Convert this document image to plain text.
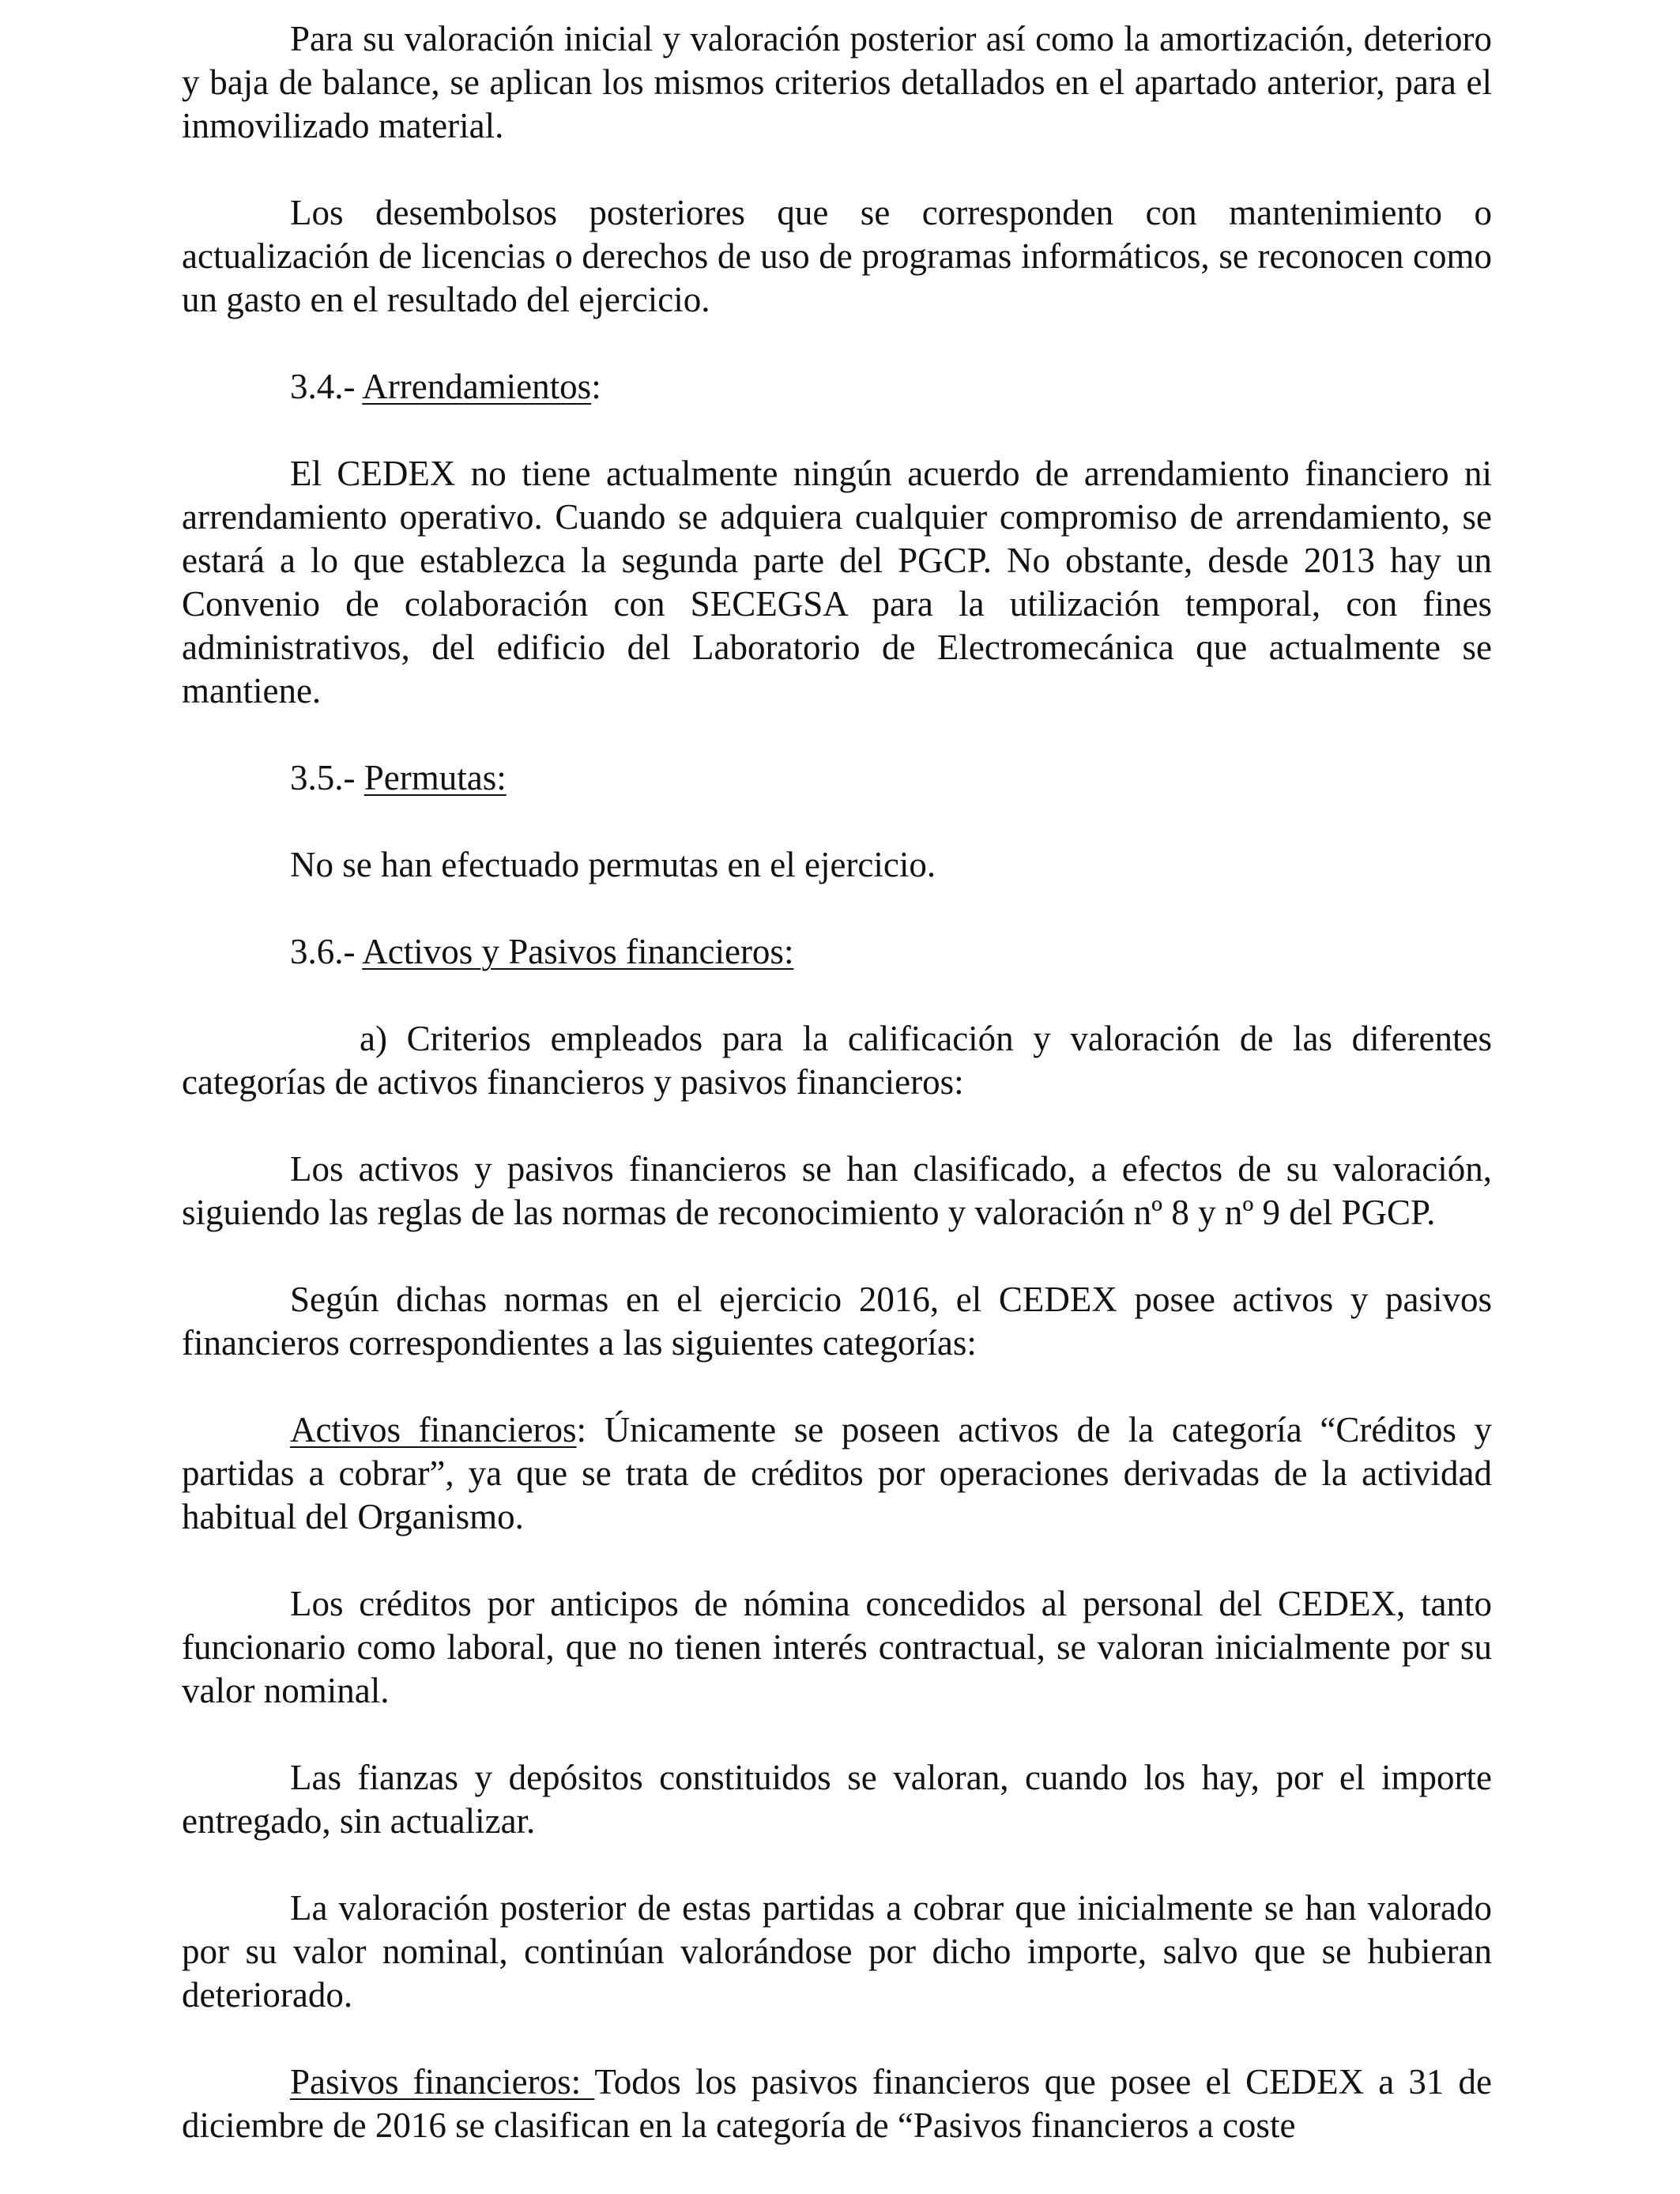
Para su valoración inicial y valoración posterior así como la amortización, deterioro y baja de balance, se aplican los mismos criterios detallados en el apartado anterior, para el inmovilizado material.

Los desembolsos posteriores que se corresponden con mantenimiento o actualización de licencias o derechos de uso de programas informáticos, se reconocen como un gasto en el resultado del ejercicio.

3.4.- Arrendamientos:

El CEDEX no tiene actualmente ningún acuerdo de arrendamiento financiero ni arrendamiento operativo. Cuando se adquiera cualquier compromiso de arrendamiento, se estará a lo que establezca la segunda parte del PGCP. No obstante, desde 2013 hay un Convenio de colaboración con SECEGSA para la utilización temporal, con fines administrativos, del edificio del Laboratorio de Electromecánica que actualmente se mantiene.

3.5.- Permutas:

No se han efectuado permutas en el ejercicio.

3.6.- Activos y Pasivos financieros:

a) Criterios empleados para la calificación y valoración de las diferentes categorías de activos financieros y pasivos financieros:

Los activos y pasivos financieros se han clasificado, a efectos de su valoración, siguiendo las reglas de las normas de reconocimiento y valoración nº 8 y nº 9 del PGCP.

Según dichas normas en el ejercicio 2016, el CEDEX posee activos y pasivos financieros correspondientes a las siguientes categorías:

Activos financieros: Únicamente se poseen activos de la categoría “Créditos y partidas a cobrar”, ya que se trata de créditos por operaciones derivadas de la actividad habitual del Organismo.

Los créditos por anticipos de nómina concedidos al personal del CEDEX, tanto funcionario como laboral, que no tienen interés contractual, se valoran inicialmente por su valor nominal.

Las fianzas y depósitos constituidos se valoran, cuando los hay, por el importe entregado, sin actualizar.

La valoración posterior de estas partidas a cobrar que inicialmente se han valorado por su valor nominal, continúan valorándose por dicho importe, salvo que se hubieran deteriorado.

Pasivos financieros: Todos los pasivos financieros que posee el CEDEX a 31 de diciembre de 2016 se clasifican en la categoría de “Pasivos financieros a coste
